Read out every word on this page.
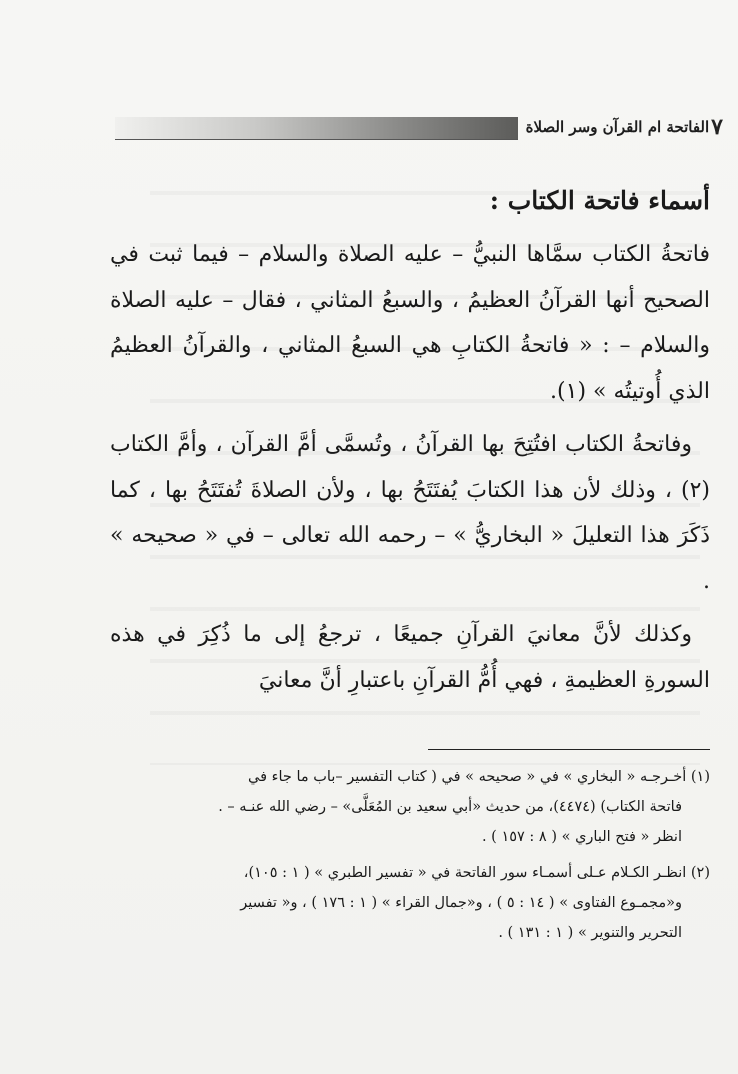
٧
الفاتحة ام القرآن وسر الصلاة
أسماء فاتحة الكتاب :

فاتحةُ الكتاب سمَّاها النبيُّ – عليه الصلاة والسلام – فيما ثبت في الصحيح أنها القرآنُ العظيمُ ، والسبعُ المثاني ، فقال – عليه الصلاة والسلام – : « فاتحةُ الكتابِ هي السبعُ المثاني ، والقرآنُ العظيمُ الذي أُوتيتُه » (١).

وفاتحةُ الكتاب افتُتِحَ بها القرآنُ ، وتُسمَّى أمَّ القرآن ، وأمَّ الكتاب (٢) ، وذلك لأن هذا الكتابَ يُفتَتَحُ بها ، ولأن الصلاةَ تُفتَتَحُ بها ، كما ذَكَرَ هذا التعليلَ « البخاريُّ » – رحمه الله تعالى – في « صحيحه » .

وكذلك لأنَّ معانيَ القرآنِ جميعًا ، ترجعُ إلى ما ذُكِرَ في هذه السورةِ العظيمةِ ، فهي أُمُّ القرآنِ باعتبارِ أنَّ معانيَ

(١) أخـرجـه « البخاري » في « صحيحه » في ( كتاب التفسير –باب ما جاء في
فاتحة الكتاب) (٤٤٧٤)، من حديث «أبي سعيد بن المُعَلَّى» – رضي الله عنـه – .
انظر « فتح الباري » ( ٨ : ١٥٧ ) .
(٢) انظـر الكـلام عـلى أسمـاء سور الفاتحة في « تفسير الطبري » ( ١ : ١٠٥)،
و«مجمـوع الفتاوى » ( ١٤ : ٥ ) ، و«جمال القراء » ( ١ : ١٧٦ ) ، و« تفسير
التحرير والتنوير » ( ١ : ١٣١ ) .
